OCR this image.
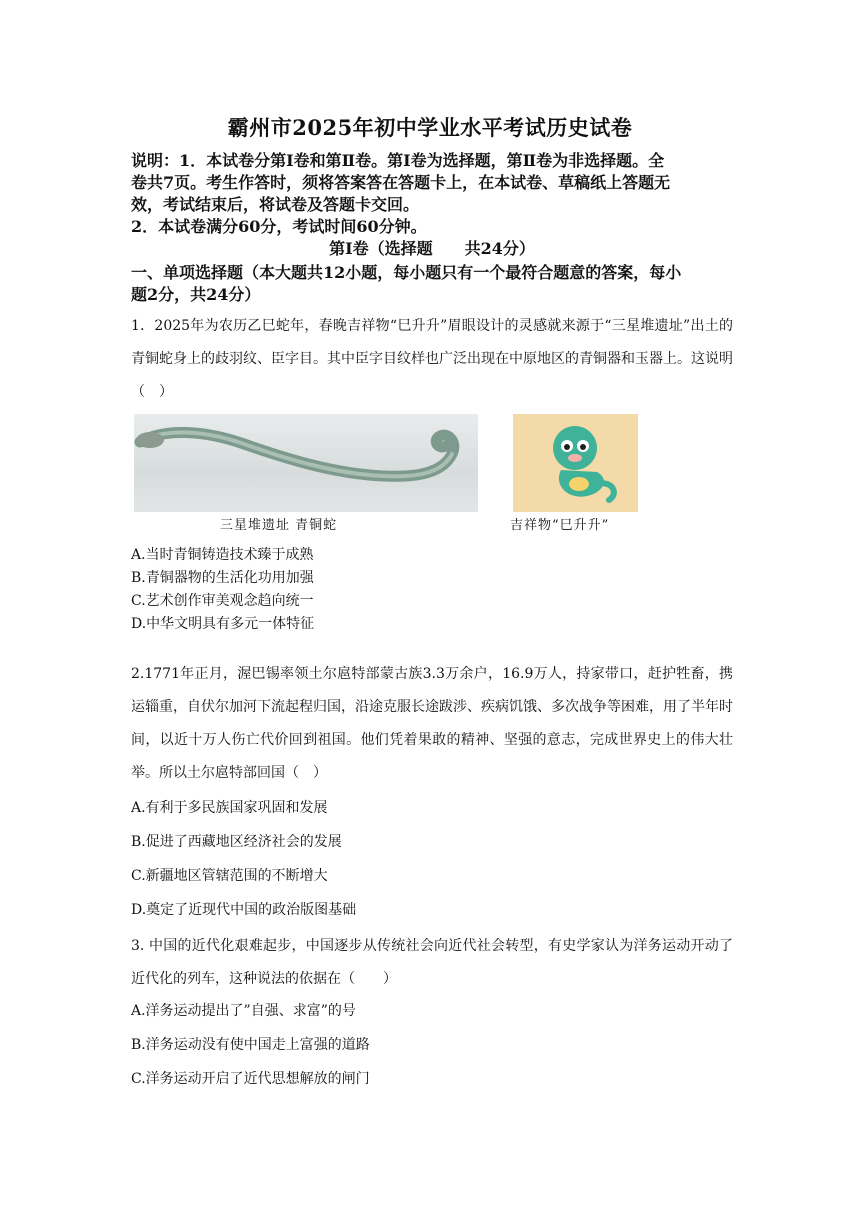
霸州市2025年初中学业水平考试历史试卷
说明：1．本试卷分第I卷和第Ⅱ卷。第I卷为选择题，第Ⅱ卷为非选择题。全
卷共7页。考生作答时，须将答案答在答题卡上，在本试卷、草稿纸上答题无
效，考试结束后，将试卷及答题卡交回。
2．本试卷满分60分，考试时间60分钟。
第I卷（选择题　　共24分）
一、单项选择题（本大题共12小题，每小题只有一个最符合题意的答案，每小
题2分，共24分）
1．2025年为农历乙巳蛇年，春晚吉祥物“巳升升”眉眼设计的灵感就来源于“三星堆遗址”出土的青铜蛇身上的歧羽纹、臣字目。其中臣字目纹样也广泛出现在中原地区的青铜器和玉器上。这说明（　）
三星堆遗址 青铜蛇	吉祥物“巳升升”
A.当时青铜铸造技术臻于成熟
B.青铜器物的生活化功用加强
C.艺术创作审美观念趋向统一
D.中华文明具有多元一体特征
2.1771年正月，渥巴锡率领土尔扈特部蒙古族3.3万余户，16.9万人，持家带口，赶护牲畜，携运辎重，自伏尔加河下流起程归国，沿途克服长途跋涉、疾病饥饿、多次战争等困难，用了半年时间，以近十万人伤亡代价回到祖国。他们凭着果敢的精神、坚强的意志，完成世界史上的伟大壮举。所以土尔扈特部回国（　）
A.有利于多民族国家巩固和发展
B.促进了西藏地区经济社会的发展
C.新疆地区管辖范围的不断增大
D.奠定了近现代中国的政治版图基础
3. 中国的近代化艰难起步，中国逐步从传统社会向近代社会转型，有史学家认为洋务运动开动了近代化的列车，这种说法的依据在（　　）
A.洋务运动提出了”自强、求富”的号
B.洋务运动没有使中国走上富强的道路
C.洋务运动开启了近代思想解放的闸门
